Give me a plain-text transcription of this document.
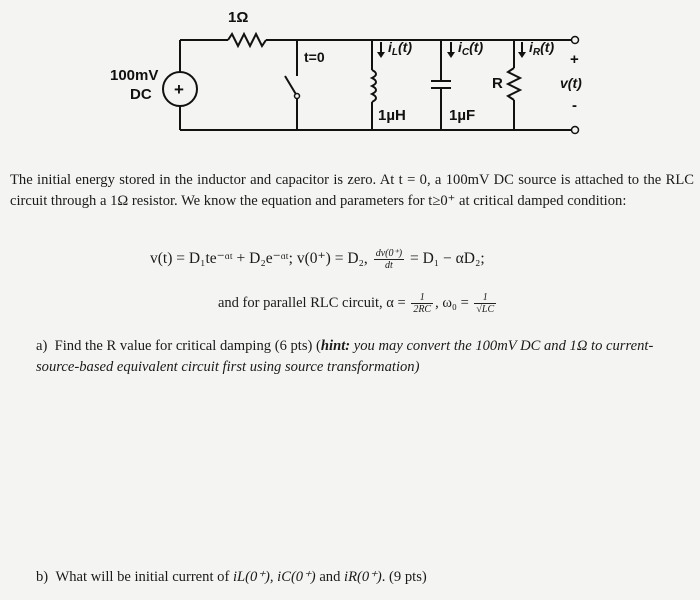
1Ω
t=0
100mV
DC +
$i_L(t)$	$i_C(t)$	$i_R(t)$
R
1µH	1µF
+
v(t)
-

The initial energy stored in the inductor and capacitor is zero. At t = 0, a 100mV DC source is attached to the RLC circuit through a 1Ω resistor. We know the equation and parameters for t≥0⁺ at critical damped condition:

v(t) = D₁te⁻ᵅᵗ + D₂e⁻ᵅᵗ; v(0⁺) = D₂, $\frac{dv(0^+)}{dt} = D_1 - \alpha D_2$;
and for parallel RLC circuit, $\alpha = \frac{1}{2RC}$ , $\omega_0 = \frac{1}{√LC}$
a) Find the R value for critical damping (6 pts) (hint: you may convert the 100mV DC and 1Ω to current-source-based equivalent circuit first using source transformation)
b) What will be initial current of iL(0⁺), iC(0⁺) and iR(0⁺). (9 pts)
